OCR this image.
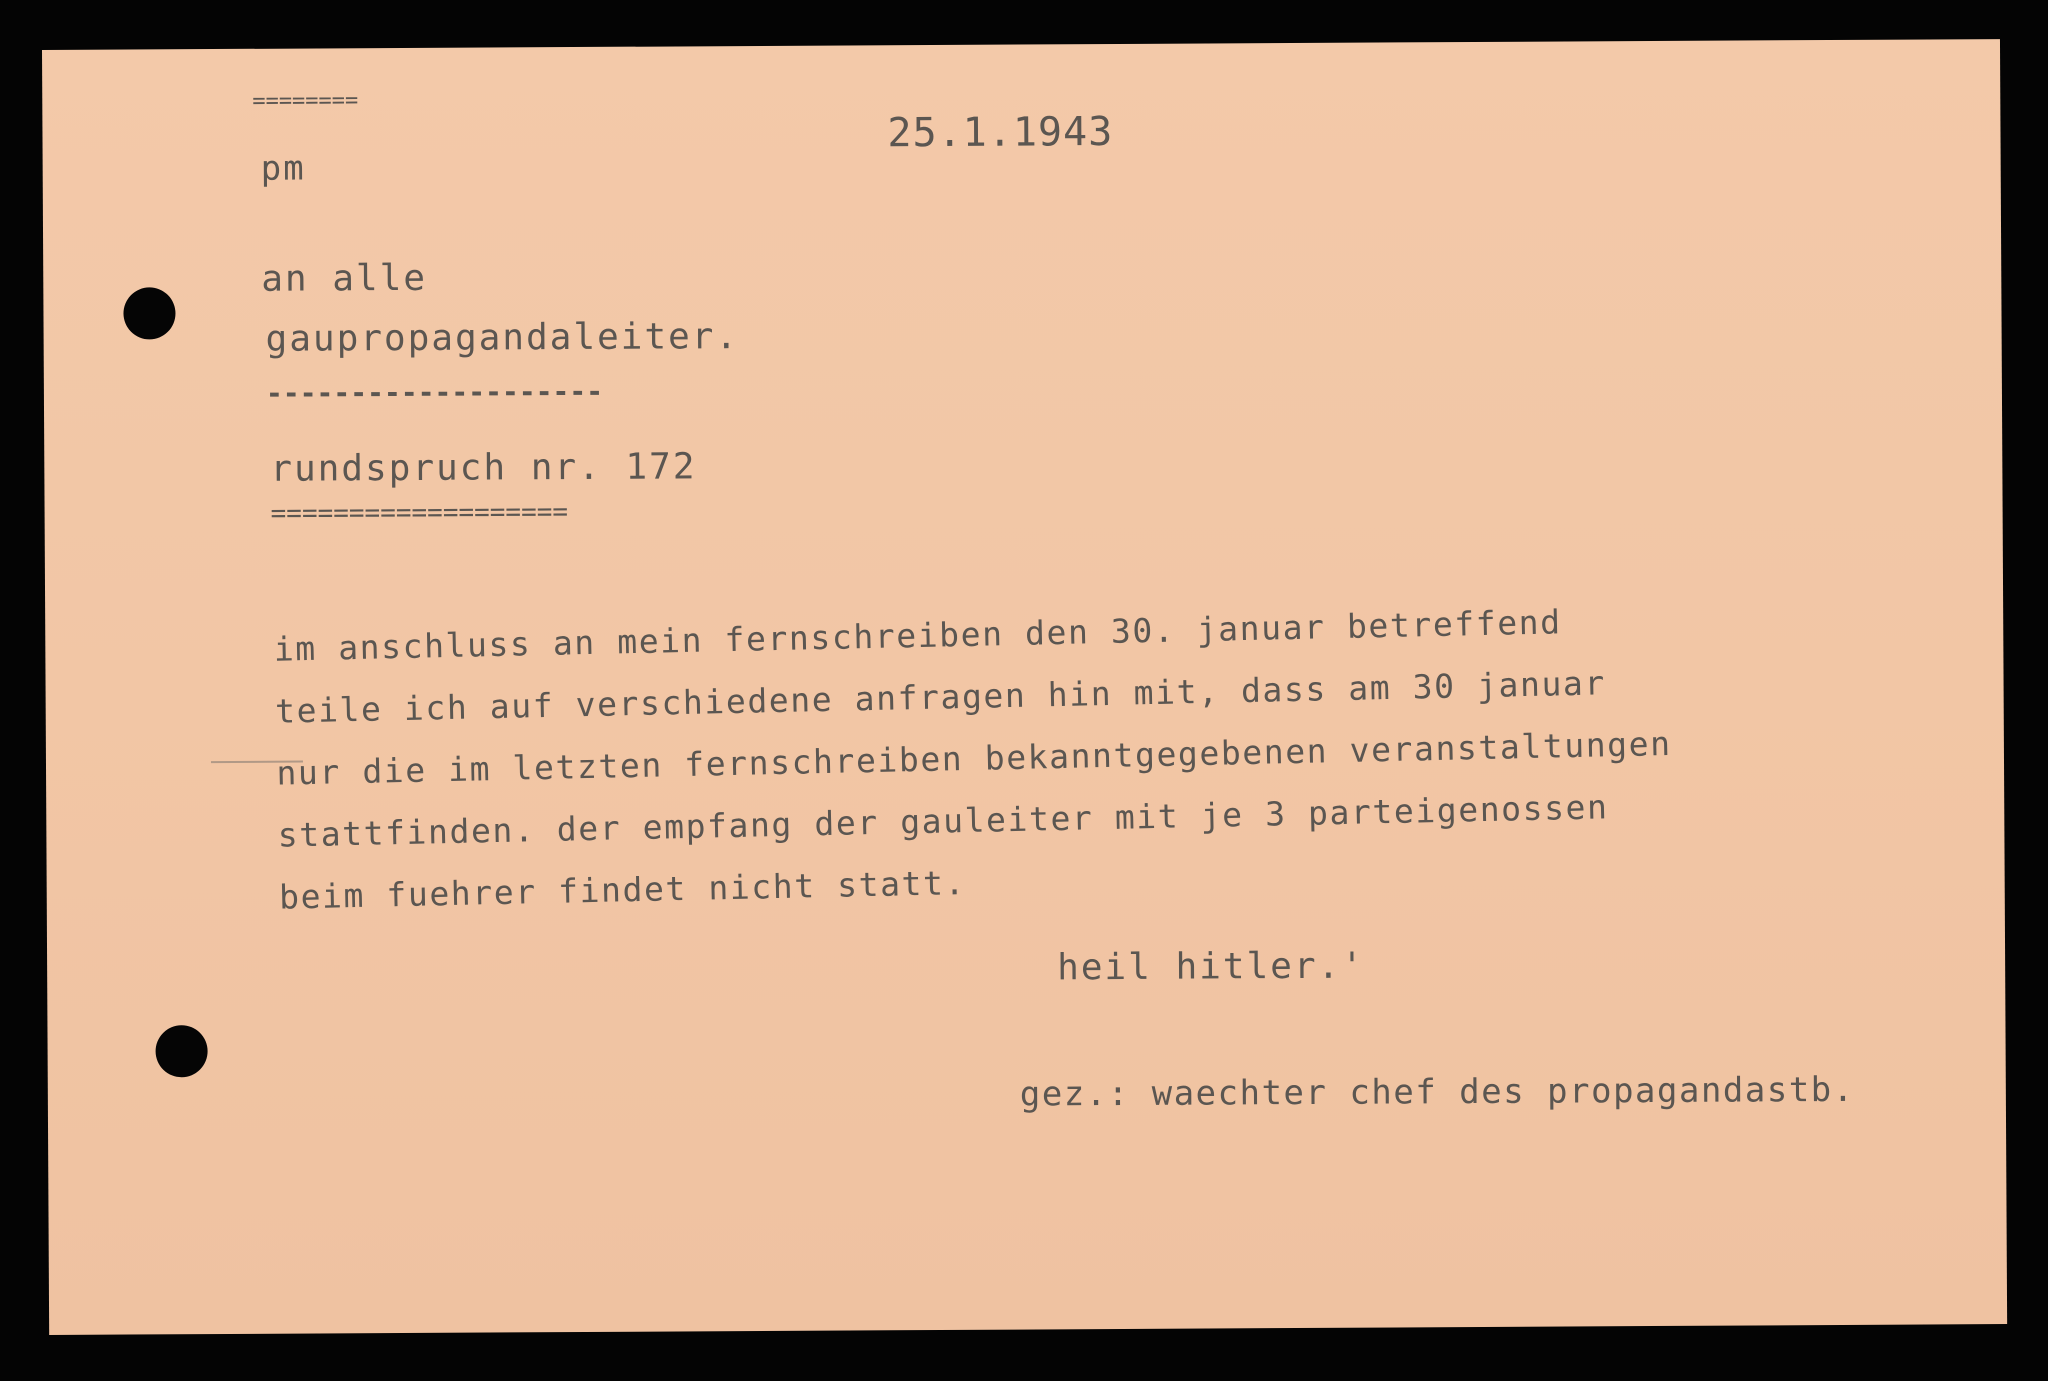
========

pm

25.1.1943

an alle

gaupropagandaleiter.

--------------------

rundspruch nr. 172

===================

im anschluss an mein fernschreiben den 30. januar betreffend
teile ich auf verschiedene anfragen hin mit, dass am 30 januar
nur die im letzten fernschreiben bekanntgegebenen veranstaltungen
stattfinden. der empfang der gauleiter mit je 3 parteigenossen
beim fuehrer findet nicht statt.

heil hitler.'

gez.: waechter chef des propagandastb.
